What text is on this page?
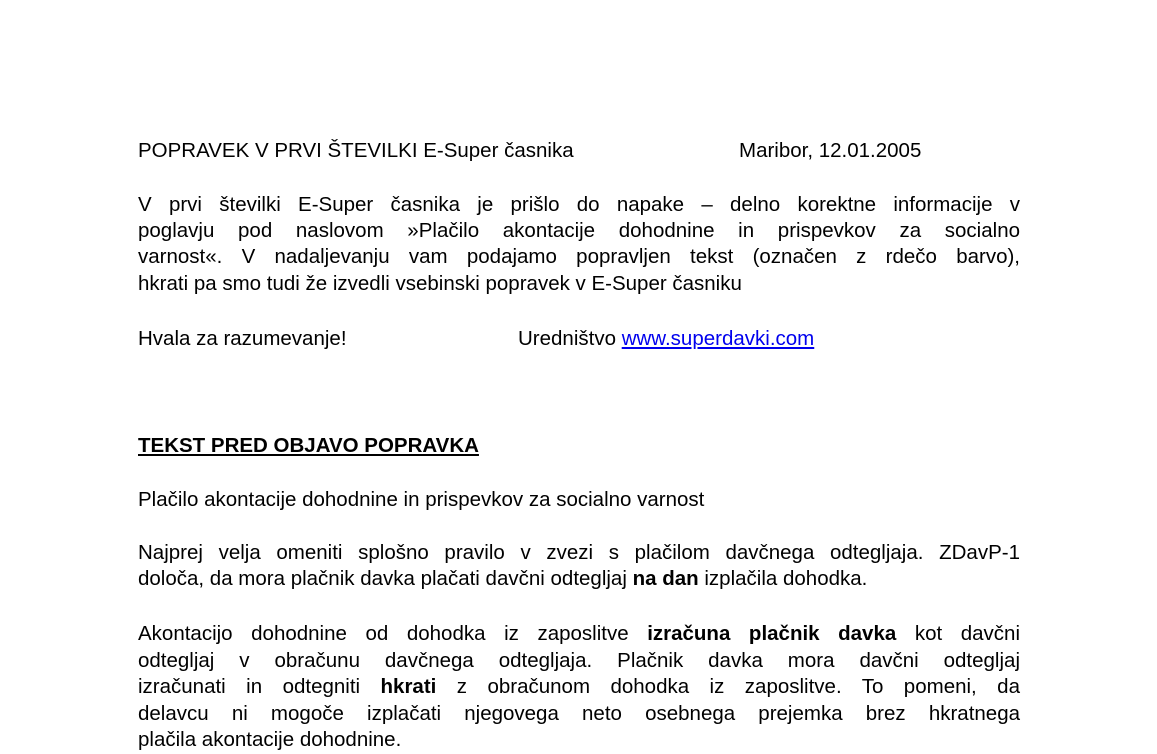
POPRAVEK V PRVI ŠTEVILKI E-Super časnika	Maribor, 12.01.2005
V prvi številki E-Super časnika je prišlo do napake – delno korektne informacije v
poglavju pod naslovom »Plačilo akontacije dohodnine in prispevkov za socialno
varnost«. V nadaljevanju vam podajamo popravljen tekst (označen z rdečo barvo),
hkrati pa smo tudi že izvedli vsebinski popravek v E-Super časniku
Hvala za razumevanje!	Uredništvo www.superdavki.com
TEKST PRED OBJAVO POPRAVKA
Plačilo akontacije dohodnine in prispevkov za socialno varnost
Najprej velja omeniti splošno pravilo v zvezi s plačilom davčnega odtegljaja. ZDavP-1
določa, da mora plačnik davka plačati davčni odtegljaj na dan izplačila dohodka.
Akontacijo dohodnine od dohodka iz zaposlitve izračuna plačnik davka kot davčni
odtegljaj v obračunu davčnega odtegljaja. Plačnik davka mora davčni odtegljaj
izračunati in odtegniti hkrati z obračunom dohodka iz zaposlitve. To pomeni, da
delavcu ni mogoče izplačati njegovega neto osebnega prejemka brez hkratnega
plačila akontacije dohodnine.
